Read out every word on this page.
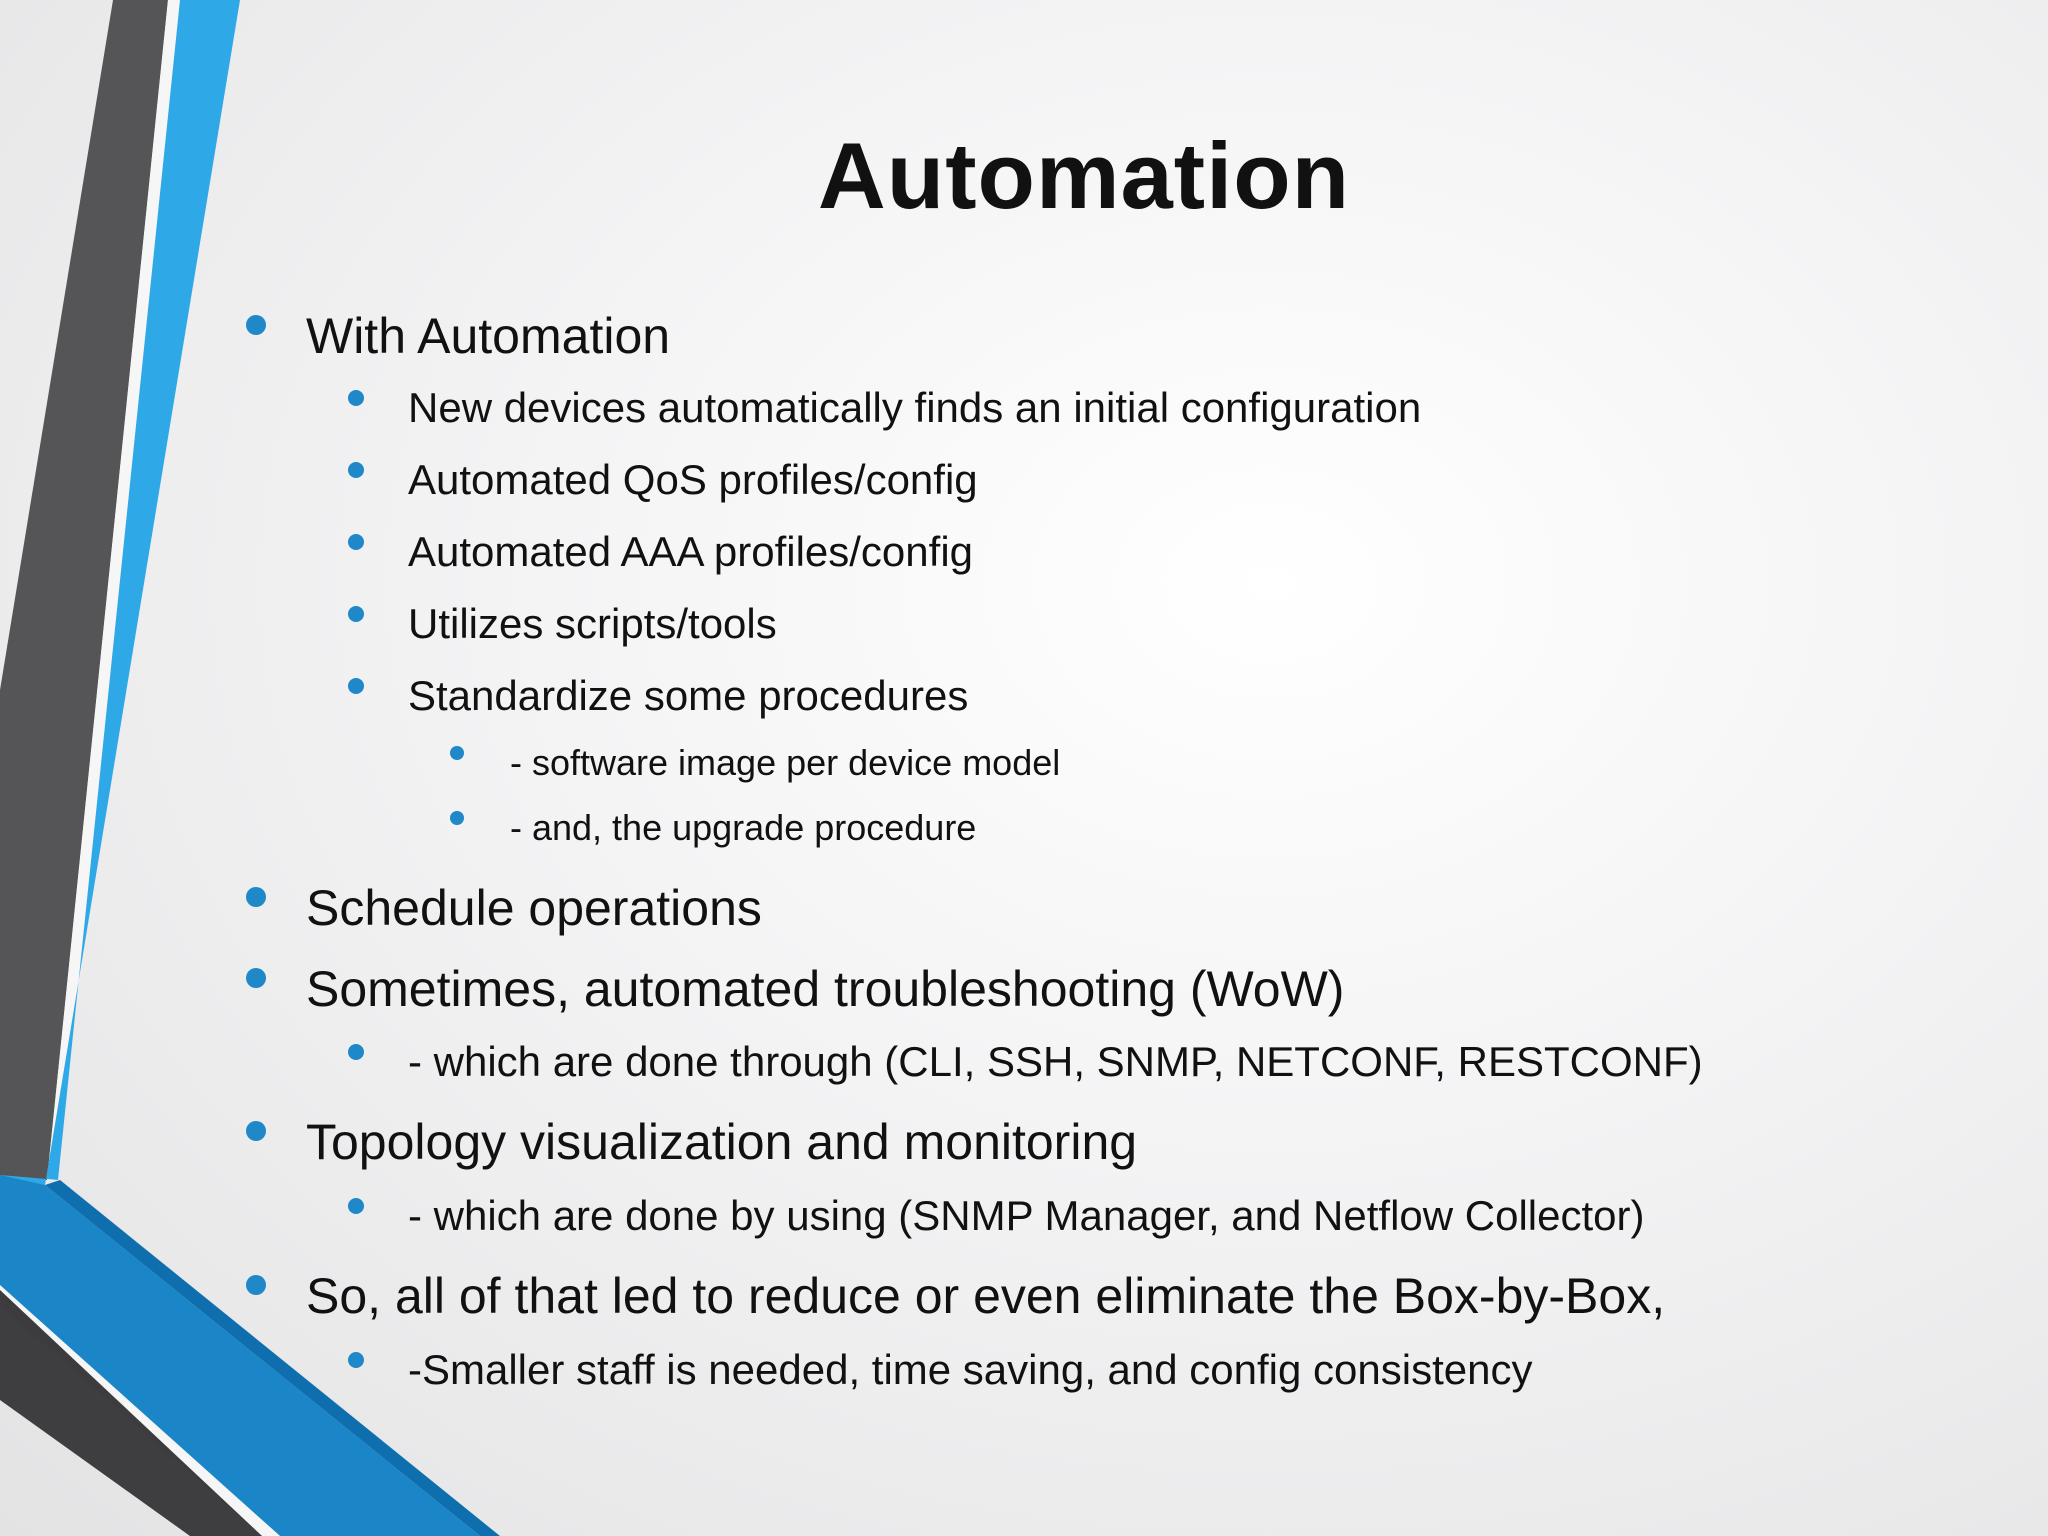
Automation
With Automation
New devices automatically finds an initial configuration
Automated QoS profiles/config
Automated AAA profiles/config
Utilizes scripts/tools
Standardize some procedures
- software image per device model
- and, the upgrade procedure
Schedule operations
Sometimes, automated troubleshooting (WoW)
- which are done through (CLI, SSH, SNMP, NETCONF, RESTCONF)
Topology visualization and monitoring
- which are done by using (SNMP Manager, and Netflow Collector)
So, all of that led to reduce or even eliminate the Box-by-Box,
-Smaller staff is needed, time saving, and config consistency
